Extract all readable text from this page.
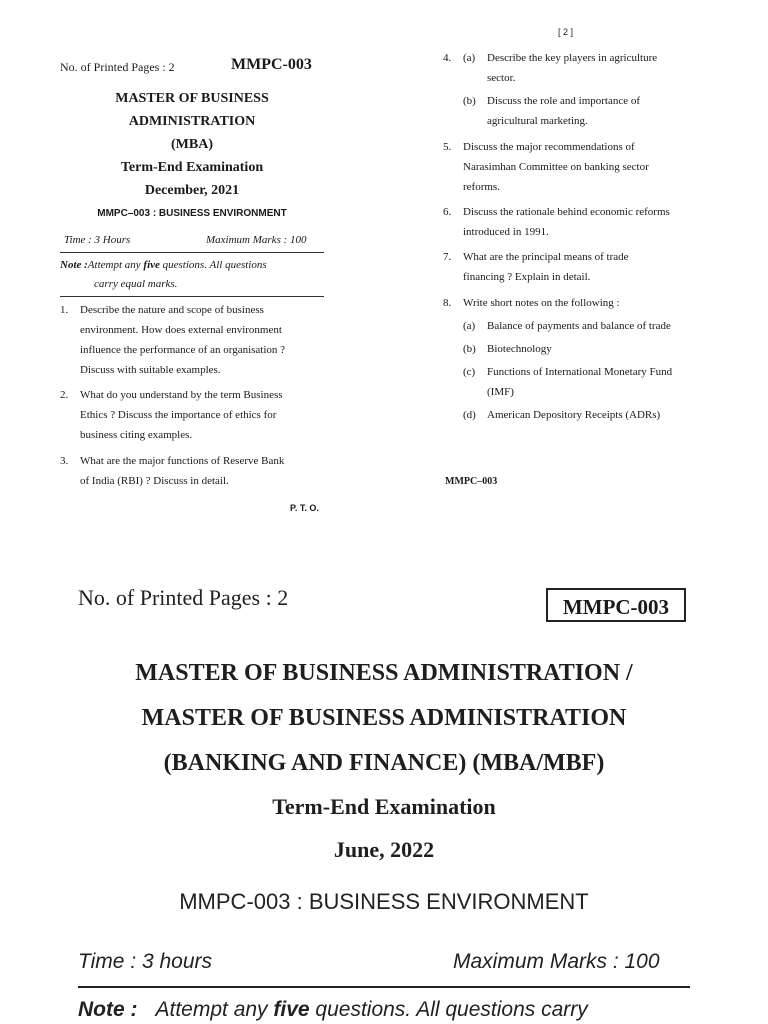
No. of Printed Pages : 2	MMPC-003
MASTER OF BUSINESS
ADMINISTRATION
(MBA)
Term-End Examination
December, 2021
MMPC–003 : BUSINESS ENVIRONMENT
Time : 3 Hours	Maximum Marks : 100
Note :Attempt any five questions. All questions
carry equal marks.
1. Describe the nature and scope of business
environment. How does external environment
influence the performance of an organisation ?
Discuss with suitable examples.
2. What do you understand by the term Business
Ethics ? Discuss the importance of ethics for
business citing examples.
3. What are the major functions of Reserve Bank
of India (RBI) ? Discuss in detail.
P. T. O.
[ 2 ]
4. (a) Describe the key players in agriculture
sector.
(b) Discuss the role and importance of
agricultural marketing.
5. Discuss the major recommendations of
Narasimhan Committee on banking sector
reforms.
6. Discuss the rationale behind economic reforms
introduced in 1991.
7. What are the principal means of trade
financing ? Explain in detail.
8. Write short notes on the following :
(a) Balance of payments and balance of trade
(b) Biotechnology
(c) Functions of International Monetary Fund
(IMF)
(d) American Depository Receipts (ADRs)
MMPC–003
No. of Printed Pages : 2	MMPC-003
MASTER OF BUSINESS ADMINISTRATION /
MASTER OF BUSINESS ADMINISTRATION
(BANKING AND FINANCE) (MBA/MBF)
Term-End Examination
June, 2022
MMPC-003 : BUSINESS ENVIRONMENT
Time : 3 hours	Maximum Marks : 100
Note : Attempt any five questions. All questions carry
